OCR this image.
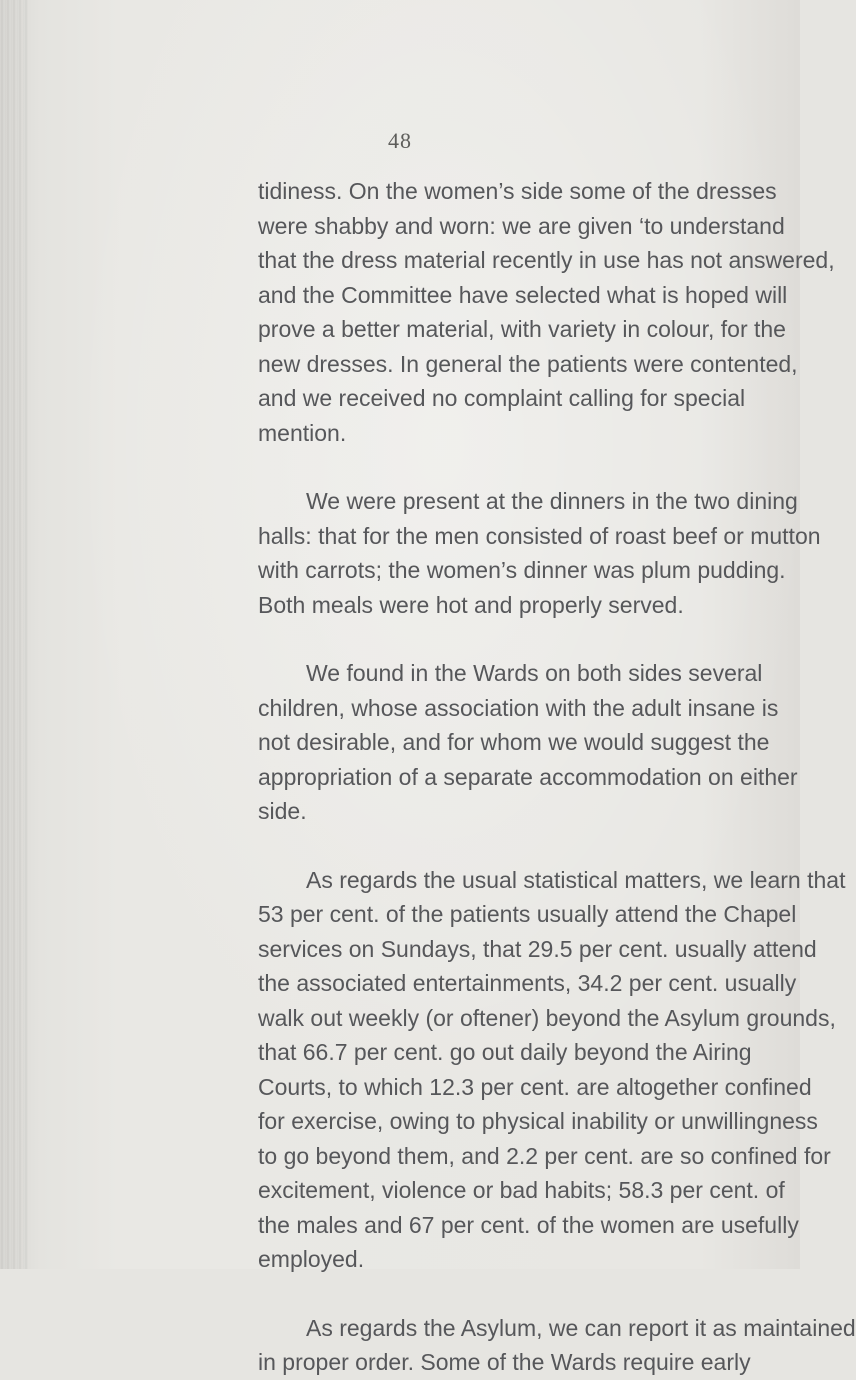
48

tidiness. On the women’s side some of the dresses
were shabby and worn: we are given ‘to understand
that the dress material recently in use has not answered,
and the Committee have selected what is hoped will
prove a better material, with variety in colour, for the
new dresses. In general the patients were contented,
and we received no complaint calling for special
mention.

We were present at the dinners in the two dining
halls: that for the men consisted of roast beef or mutton
with carrots; the women’s dinner was plum pudding.
Both meals were hot and properly served.

We found in the Wards on both sides several
children, whose association with the adult insane is
not desirable, and for whom we would suggest the
appropriation of a separate accommodation on either
side.

As regards the usual statistical matters, we learn that
53 per cent. of the patients usually attend the Chapel
services on Sundays, that 29.5 per cent. usually attend
the associated entertainments, 34.2 per cent. usually
walk out weekly (or oftener) beyond the Asylum grounds,
that 66.7 per cent. go out daily beyond the Airing
Courts, to which 12.3 per cent. are altogether confined
for exercise, owing to physical inability or unwillingness
to go beyond them, and 2.2 per cent. are so confined for
excitement, violence or bad habits; 58.3 per cent. of
the males and 67 per cent. of the women are usefully
employed.

As regards the Asylum, we can report it as maintained
in proper order. Some of the Wards require early
